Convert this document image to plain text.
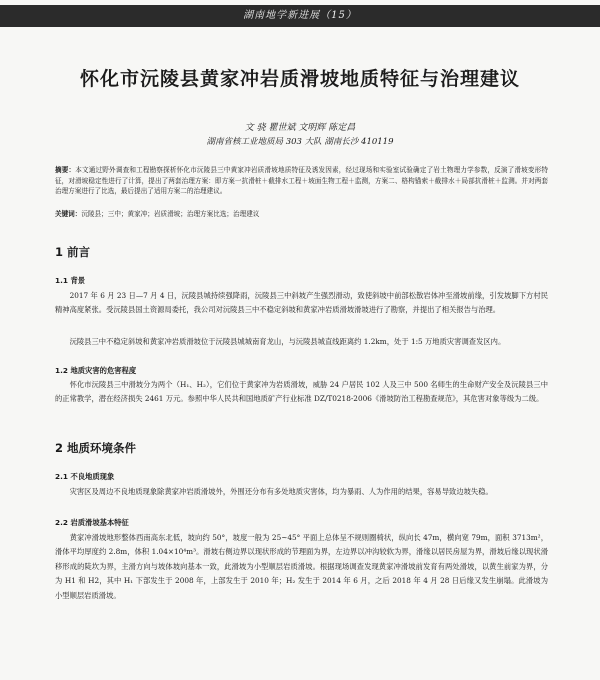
湖南地学新进展（15）
怀化市沅陵县黄家冲岩质滑坡地质特征与治理建议
文 骁 瞿世斌 文明辉 陈定昌
湖南省核工业地质局 303 大队 湖南长沙 410119
摘要：本文通过野外调查和工程勘察探析怀化市沅陵县三中黄家冲岩质滑坡地质特征及诱发因素，经过现场和实验室试验确定了岩土物理力学参数，反演了滑坡变形特征，对滑坡稳定性进行了计算，提出了两套治理方案：即方案一抗滑桩＋截排水工程＋坡面生物工程＋监测，方案二、格构锚索＋截排水＋局部抗滑桩＋监测。并对两套治理方案进行了比选，最后提出了适用方案二的治理建议。
关键词：沅陵县；三中；黄家冲；岩质滑坡；治理方案比选；治理建议
1 前言
1.1 背景
2017 年 6 月 23 日—7 月 4 日，沅陵县城持续强降雨，沅陵县三中斜坡产生强烈滑动，致使斜坡中前部松散岩体冲至滑坡前缘，引发坡脚下方村民精神高度紧张。受沅陵县国土资源局委托，我公司对沅陵县三中不稳定斜坡和黄家冲岩质滑坡滑坡进行了勘察，并提出了相关报告与治理。
沅陵县三中不稳定斜坡和黄家冲岩质滑坡位于沅陵县城城南育龙山，与沅陵县城直线距离约 1.2km，处于 1:5 万地质灾害调查发区内。
1.2 地质灾害的危害程度
怀化市沅陵县三中滑坡分为两个（H₁、H₂），它们位于黄家冲为岩质滑坡，威胁 24 户居民 102 人及三中 500 名师生的生命财产安全及沅陵县三中的正常教学，潜在经济损失 2461 万元。参照中华人民共和国地质矿产行业标准 DZ/T0218-2006《滑坡防治工程勘查规范》，其危害对象等级为二级。
2 地质环境条件
2.1 不良地质现象
灾害区及周边不良地质现象除黄家冲岩质滑坡外，外围还分布有多处地质灾害体，均为暴雨、人为作用的结果，容易导致边坡失稳。
2.2 岩质滑坡基本特征
黄家冲滑坡地形整体西南高东北低，坡向约 50°，坡度一般为 25~45° 平面上总体呈不规则圈椅状，纵向长 47m，横向宽 79m，面积 3713m²，滑体平均厚度约 2.8m，体积 1.04×10⁴m³。滑坡右侧边界以现状形成的节理面为界，左边界以冲沟较软为界，滑缘以居民房屋为界，滑坡后缘以现状滑移形成的陡坎为界，主滑方向与坡体坡向基本一致，此滑坡为小型顺层岩质滑坡。根据现场调查发现黄家冲滑坡前发育有两处滑坡，以黄生前家为界，分为 H1 和 H2，其中 H₁ 下部发生于 2008 年，上部发生于 2010 年；H₂ 发生于 2014 年 6 月，之后 2018 年 4 月 28 日后缘又发生崩塌。此滑坡为小型顺层岩质滑坡。
